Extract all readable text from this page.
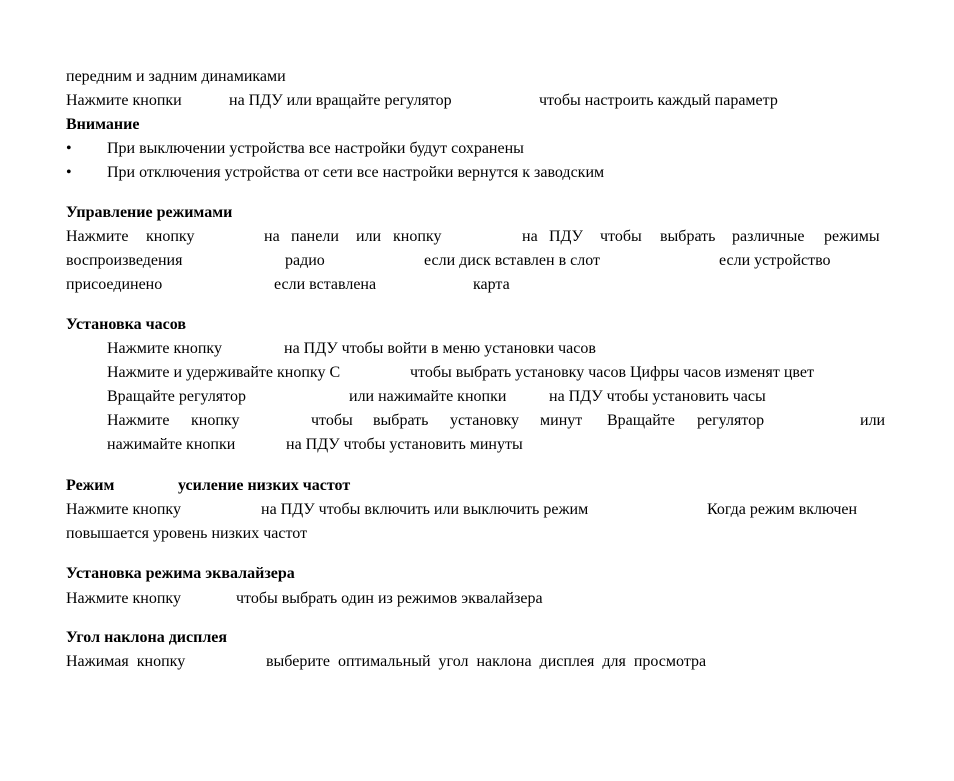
передним и задним динамиками
Нажмите кнопки	на ПДУ или вращайте регулятор	чтобы настроить каждый параметр
Внимание
• При выключении устройства все настройки будут сохранены
• При отключения устройства от сети все настройки вернутся к заводским
Управление режимами
Нажмите кнопку	на панели или кнопку	на ПДУ чтобы выбрать различные режимы
воспроизведения	радио	если диск вставлен в слот	если устройство
присоединено	если вставлена	карта
Установка часов
Нажмите кнопку	на ПДУ чтобы войти в меню установки часов
Нажмите и удерживайте кнопку С	чтобы выбрать установку часов Цифры часов изменят цвет
Вращайте регулятор	или нажимайте кнопки	на ПДУ чтобы установить часы
Нажмите кнопку	чтобы выбрать установку минут Вращайте регулятор	или
нажимайте кнопки	на ПДУ чтобы установить минуты
Режим	усиление низких частот
Нажмите кнопку	на ПДУ чтобы включить или выключить режим	Когда режим включен
повышается уровень низких частот
Установка режима эквалайзера
Нажмите кнопку	чтобы выбрать один из режимов эквалайзера
Угол наклона дисплея
Нажимая  кнопку	выберите  оптимальный  угол  наклона  дисплея  для  просмотра
